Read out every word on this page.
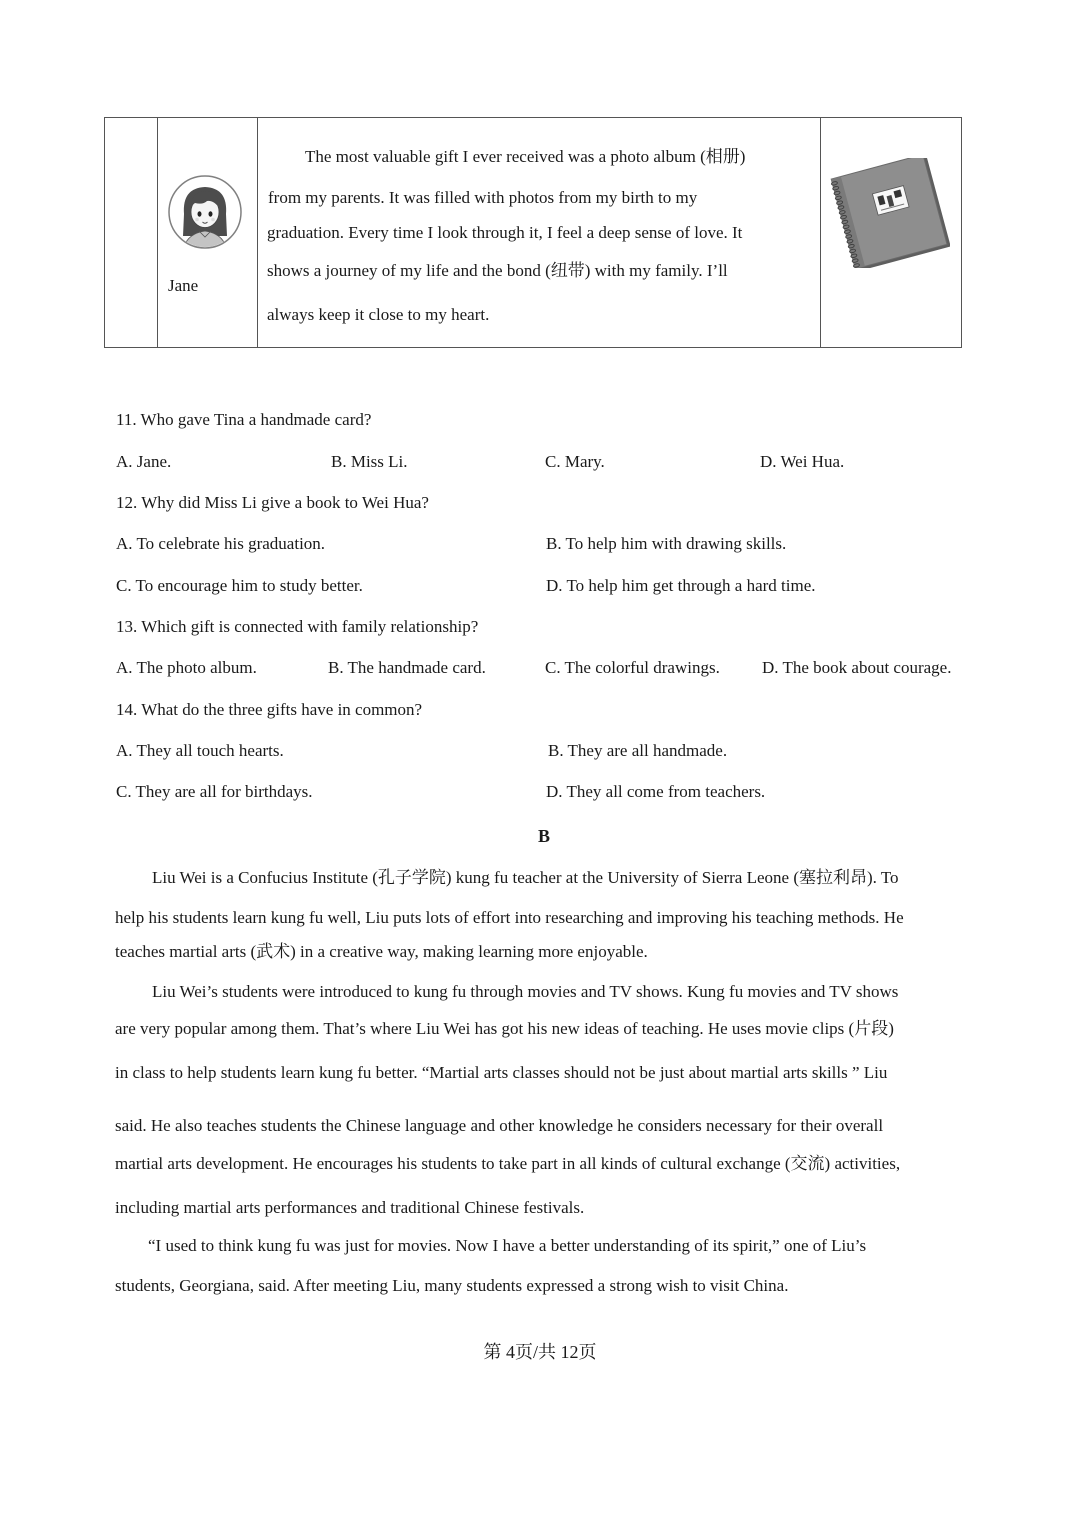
Jane
The most valuable gift I ever received was a photo album (相册)
from my parents. It was filled with photos from my birth to my
graduation. Every time I look through it, I feel a deep sense of love. It
shows a journey of my life and the bond (纽带) with my family. I’ll
always keep it close to my heart.
11. Who gave Tina a handmade card?
A. Jane.	B. Miss Li.	C. Mary.	D. Wei Hua.
12. Why did Miss Li give a book to Wei Hua?
A. To celebrate his graduation.	B. To help him with drawing skills.
C. To encourage him to study better.	D. To help him get through a hard time.
13. Which gift is connected with family relationship?
A. The photo album.	B. The handmade card.	C. The colorful drawings. D. The book about courage.
14. What do the three gifts have in common?
A. They all touch hearts.	B. They are all handmade.
C. They are all for birthdays.	D. They all come from teachers.
B
Liu Wei is a Confucius Institute (孔子学院) kung fu teacher at the University of Sierra Leone (塞拉利昂). To
help his students learn kung fu well, Liu puts lots of effort into researching and improving his teaching methods. He
teaches martial arts (武术) in a creative way, making learning more enjoyable.
Liu Wei’s students were introduced to kung fu through movies and TV shows. Kung fu movies and TV shows
are very popular among them. That’s where Liu Wei has got his new ideas of teaching. He uses movie clips (片段)
in class to help students learn kung fu better. “Martial arts classes should not be just about martial arts skills ” Liu
said. He also teaches students the Chinese language and other knowledge he considers necessary for their overall
martial arts development. He encourages his students to take part in all kinds of cultural exchange (交流) activities,
including martial arts performances and traditional Chinese festivals.
“I used to think kung fu was just for movies. Now I have a better understanding of its spirit,” one of Liu’s
students, Georgiana, said. After meeting Liu, many students expressed a strong wish to visit China.
第 4页/共 12页
